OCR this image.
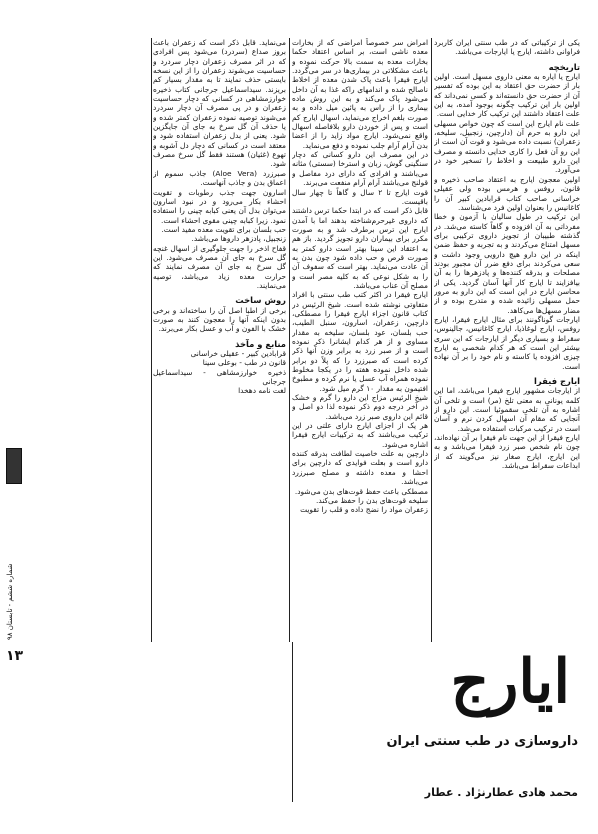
یکی از ترکیباتی که در طب سنتی ایران کاربرد فراوانی داشته، ایارج یا ایارجات می‌باشد.

تاریخچه

ایارج یا ایاره به معنی داروی مسهل است. اولین بار از حضرت حق اعتقاد به این بوده که تفسیر آن از حضرت حق دانسته‌اند و کسی نمی‌داند که اولین بار این ترکیب چگونه بوجود آمده، به این علت اعتقاد داشتند این ترکیب کار خدایی است.

علت نام ایارج این است که چون خواص مسهلی این دارو به حرم آن (دارچین، زنجبیل، سلیخه، زعفران) نسبت داده می‌شود و قوت آن است از این رو آن فعل را کاری خدایی دانسته و مصرف این دارو طبیعت و اخلاط را تسخیر خود در می‌آورد.

اولین معجون ایارج به اعتقاد صاحب ذخیره و قانون، روفس و هرمس بوده ولی عقیلی خراسانی صاحب کتاب قرابادین کبیر آن را کاغانیس را بعنوان اولین فرد می‌شناسد.

این ترکیب در طول سالیان با آزمون و خطا مفرداتی به آن افزوده و گاهاً کاسته می‌شد. در گذشته طبیبان از تجویز داروی ترکیبی برای مسهل امتناع می‌کردند و به تجربه و حفظ ضمن اینکه در این دارو هیچ دارویی وجود داشت و سعی می‌کردند برای دفع ضرر آن مجبور بودند مصلحات و بدرقه کننده‌ها و پادزهرها را به آن بیافزایند تا ایارج کار آنها آسان گردید. یکی از محاسن ایارج در این است که این دارو به مرور حمل مسهلی زائیده شده و متدرج بوده و از مضار مسهل‌ها می‌کاهد.

ایارجات گوناگونند برای مثال ایارج فیقرا، ایارج روفس، ایارج لوغاذیا، ایارج کاغانیس، جالینوس، سقراط و بسیاری دیگر از ایارجات که این سری بیشتر این است که هر کدام شخصی به ایارج چیزی افزوده یا کاسته و نام خود را بر آن نهاده است.

ایارج فیقرا

از ایارجات مشهور ایارج فیقرا می‌باشد، اما این کلمه یونانی به معنی تلخ (مر) است و تلخی آن اشاره به آن تلخی سقموئیا است. این دارو از آنجایی که مقام آن اسهال کردن نرم و آسان است در ترکیب مرکبات استفاده می‌شد.

ایارج فیقرا از این جهت نام فیقرا بر آن نهاده‌اند، چون نام شخص صبر زرد فیقرا می‌باشد و به این ایارج، ایارج صغار نیز می‌گویند که از ابداعات سقراط می‌باشد.

امراض سر خصوصاً امراضی که از بخارات معده ناشی است، بر اساس اعتقاد حکما بخارات معده به سمت بالا حرکت نموده و باعث مشکلاتی در بیماری‌ها در سر می‌گردد. ایارج فیقرا باعث پاک شدن معده از اخلاط ناصالح شده و اندامهای راکه غذا به آن داخل می‌شود پاک می‌کند و به این روش ماده بیماری را از راس به پائین میل داده و به صورت بلغم اخراج می‌نماید، اسهال ایارج کم است و پس از خوردن دارو بلافاصله اسهال واقع نمی‌شود. ایارج مواد زاید را از اعضا بدن آرام آرام جلب نموده و دفع می‌نماید.

در این مصرف این دارو کسانی که دچار سنگینی گوش، زبان و استرخا (سستی) مثانه می‌باشند و افرادی که دارای درد مفاصل و قولنج می‌باشند آرام آرام منفعت می‌برند.

قوت ایارج تا ۲ سال و گاهاً تا چهار سال باقیست.

قابل ذکر است که در ابتدا حکما ترس داشتند که داروی غیرحرم‌شناخته بدهند اما با آمدن ایارج این ترس برطرف شد و به صورت مکرر برای بیماران دارو تجویز گردید. باز هم به اعتقاد این سینا بهتر است دارو کمتر به صورت قرص و حب داده شود چون بدن به آن عادت می‌نماید. بهتر است که سفوف آن را به شکل نوعی که به کلیه مصر است و مصلح آن عناب می‌باشد.

ایارج فیقرا در اکثر کتب طب سنتی با افراد متفاوتی نوشته شده است. شیخ الرئیس در کتاب قانون اجزاء ایارج فیقرا را مصطکی، دارچین، زعفران، اسارون، سنبل الطیب، حب بلسان، عود بلسان، سلیخه به مقدار مساوی و از هر کدام ایشانرا ذکر نموده است و از صبر زرد به برابر وزن آنها ذکر کرده است که صبرزرد را که پلاً دو برابر شده داخل نموده هفته را در یکجا مخلوط نموده همراه آب عسل یا نرم کرده و مطبوخ افتیمون به مقدار ۱۰ گرم میل شود.

شیخ الرئیس مزاج این دارو را گرم و خشک در آخر درجه دوم ذکر نموده لذا دو اصل و قائم این داروی صبر زرد می‌باشد.

هر یک از اجزای ایارج دارای علتی در این ترکیب می‌باشند که به ترکیبات ایارج فیقرا اشاره می‌شود.

دارچین به علت خاصیت لطافت بدرقه کننده دارو است و بعلت فوایدی که دارچین برای احشا و معده داشته و مصلح صبرزرد می‌باشد.

مصطکی باعث حفظ قوت‌های بدن می‌شود.

سلیخه قوت‌های بدن را حفظ می‌کند.

زعفران مواد را نضج داده و قلب را تقویت

می‌نماید. قابل ذکر است که زعفران باعث بروز صداع (سردرد) می‌شود پس افرادی که در اثر مصرف زعفران دچار سردرد و حساسیت می‌شوند زعفران را از این نسخه بایستی حذف نمایند تا به مقدار بسیار کم بریزند. سیداسماعیل جرجانی کتاب ذخیره خوارزمشاهی در کسانی که دچار حساسیت زعفران و در پی مصرف آن دچار سردرد می‌شوند توصیه نموده زعفران کمتر شده و یا حذف آن گل سرخ به جای آن جایگزین شود. یعنی از بدل زعفران استفاده شود و معتقد است در کسانی که دچار دل آشوبه و تهوع (غثیان) هستند فقط گل سرخ مصرف شود.

صبرزرد (Aloe Vera) جاذب سموم از اعماق بدن و جاذب آنهاست.

اسارون جهت جذب رطوبات و تقویت احشاء بکار می‌رود و در نبود اسارون می‌توان بدل آن یعنی کبابه چینی را استفاده نمود. زیرا کبابه چینی مقوی احشاء است.

حب بلسان برای تقویت معده مفید است.

زنجبیل، پادزهر داروها می‌باشد.

قفاح اذخر را جهت جلوگیری از اسهال غنچه گل سرخ به جای آن مصرف می‌شود. این گل سرخ به جای آن مصرف نمایند که حرارت معده زیاد می‌باشد، توصیه می‌نمایند.

روش ساخت

برخی از اطبا اصل آن را ساخته‌اند و برخی بدون اینکه آنها را معجون کنند به صورت خشک با الفون و آب و عسل بکار می‌برند.

منابع و مآخذ

قرابادین کبیر - عقیلی خراسانی

قانون در طب - بوعلی سینا

ذخیره خوارزمشاهی - سیداسماعیل جرجانی

لغت نامه دهخدا

ایارج
داروسازی در طب سنتی ایران
محمد هادی عطارنژاد . عطار
شماره ششم - تابستان ۹۸
۱۳
